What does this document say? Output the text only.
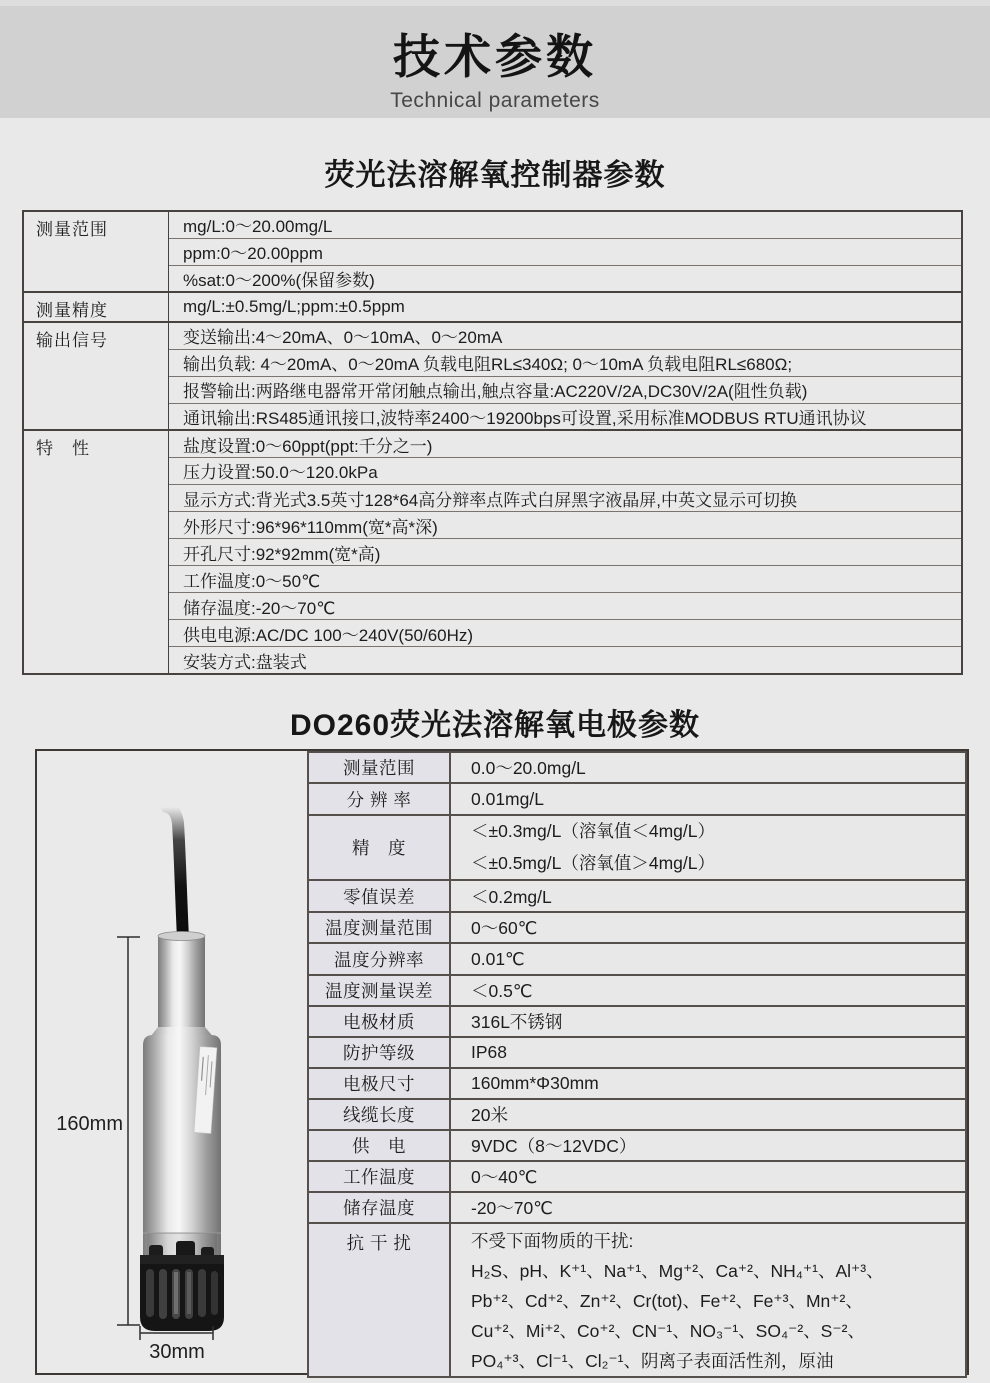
技术参数

Technical parameters

荧光法溶解氧控制器参数
测量范围	mg/L:0～20.00mg/L
	ppm:0～20.00ppm
	%sat:0～200%(保留参数)
测量精度	mg/L:±0.5mg/L;ppm:±0.5ppm
输出信号	变送输出:4～20mA、0～10mA、0～20mA
	输出负载: 4～20mA、0～20mA 负载电阻RL≤340Ω; 0～10mA 负载电阻RL≤680Ω;
	报警输出:两路继电器常开常闭触点输出,触点容量:AC220V/2A,DC30V/2A(阻性负载)
	通讯输出:RS485通讯接口,波特率2400～19200bps可设置,采用标准MODBUS RTU通讯协议
特　性	盐度设置:0～60ppt(ppt:千分之一)
	压力设置:50.0～120.0kPa
	显示方式:背光式3.5英寸128*64高分辩率点阵式白屏黑字液晶屏,中英文显示可切换
	外形尺寸:96*96*110mm(宽*高*深)
	开孔尺寸:92*92mm(宽*高)
	工作温度:0～50℃
	储存温度:-20～70℃
	供电电源:AC/DC 100～240V(50/60Hz)
	安装方式:盘装式
DO260荧光法溶解氧电极参数
160mm
30mm
测量范围	0.0～20.0mg/L
分 辨 率	0.01mg/L
精　度	＜±0.3mg/L（溶氧值＜4mg/L）
＜±0.5mg/L（溶氧值＞4mg/L）

零值误差	＜0.2mg/L
温度测量范围	0～60℃
温度分辨率	0.01℃
温度测量误差	＜0.5℃
电极材质	316L不锈钢
防护等级	IP68
电极尺寸	160mm*Φ30mm
线缆长度	20米
供　电	9VDC（8～12VDC）
工作温度	0～40℃
储存温度	-20～70℃
抗 干 扰	不受下面物质的干扰:
H₂S、pH、K⁺¹、Na⁺¹、Mg⁺²、Ca⁺²、NH₄⁺¹、Al⁺³、
Pb⁺²、Cd⁺²、Zn⁺²、Cr(tot)、Fe⁺²、Fe⁺³、Mn⁺²、
Cu⁺²、Mi⁺²、Co⁺²、CN⁻¹、NO₃⁻¹、SO₄⁻²、S⁻²、
PO₄⁺³、Cl⁻¹、Cl₂⁻¹、阴离子表面活性剂，原油
